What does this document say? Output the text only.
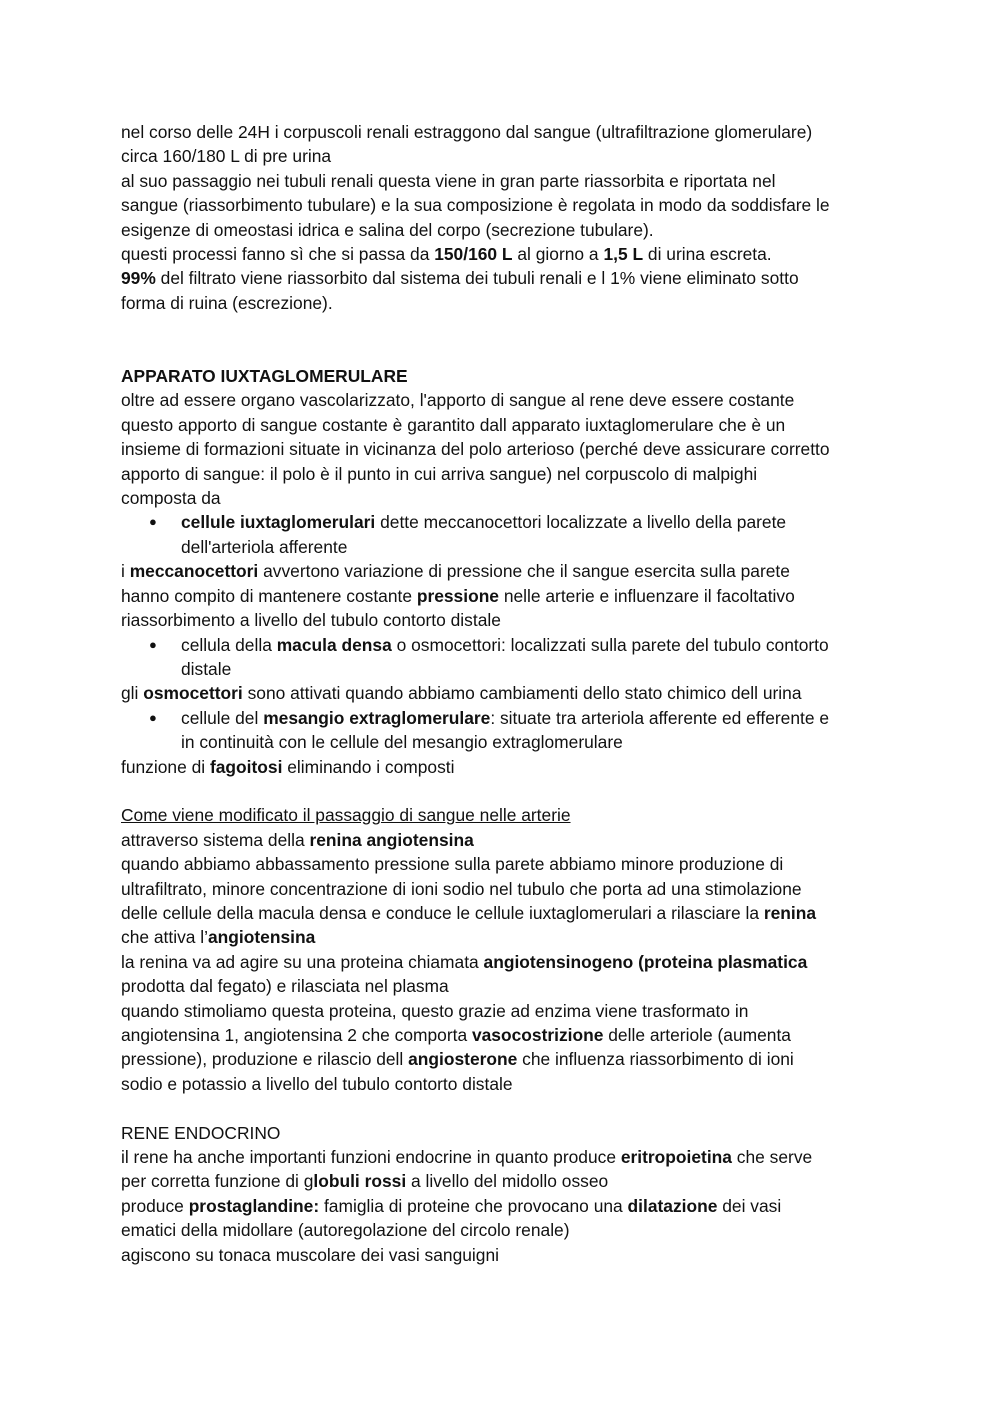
nel corso delle 24H i corpuscoli renali estraggono dal sangue (ultrafiltrazione glomerulare)
circa 160/180 L di pre urina
al suo passaggio nei tubuli renali questa viene in gran parte riassorbita e riportata nel
sangue (riassorbimento tubulare) e la sua composizione è regolata in modo da soddisfare le
esigenze di omeostasi idrica e salina del corpo (secrezione tubulare).
questi processi fanno sì che si passa da 150/160 L al giorno a 1,5 L di urina escreta.
99% del filtrato viene riassorbito dal sistema dei tubuli renali e l 1% viene eliminato sotto
forma di ruina (escrezione).
APPARATO IUXTAGLOMERULARE
oltre ad essere organo vascolarizzato, l'apporto di sangue al rene deve essere costante
questo apporto di sangue costante è garantito dall apparato iuxtaglomerulare che è un
insieme di formazioni situate in vicinanza del polo arterioso (perché deve assicurare corretto
apporto di sangue: il polo è il punto in cui arriva sangue) nel corpuscolo di malpighi
composta da
● cellule iuxtaglomerulari dette meccanocettori localizzate a livello della parete
dell'arteriola afferente
i meccanocettori avvertono variazione di pressione che il sangue esercita sulla parete
hanno compito di mantenere costante pressione nelle arterie e influenzare il facoltativo
riassorbimento a livello del tubulo contorto distale
● cellula della macula densa o osmocettori: localizzati sulla parete del tubulo contorto
distale
gli osmocettori sono attivati quando abbiamo cambiamenti dello stato chimico dell urina
● cellule del mesangio extraglomerulare: situate tra arteriola afferente ed efferente e
in continuità con le cellule del mesangio extraglomerulare
funzione di fagoitosi eliminando i composti
Come viene modificato il passaggio di sangue nelle arterie
attraverso sistema della renina angiotensina
quando abbiamo abbassamento pressione sulla parete abbiamo minore produzione di
ultrafiltrato, minore concentrazione di ioni sodio nel tubulo che porta ad una stimolazione
delle cellule della macula densa e conduce le cellule iuxtaglomerulari a rilasciare la renina
che attiva l’angiotensina
la renina va ad agire su una proteina chiamata angiotensinogeno (proteina plasmatica
prodotta dal fegato) e rilasciata nel plasma
quando stimoliamo questa proteina, questo grazie ad enzima viene trasformato in
angiotensina 1, angiotensina 2 che comporta vasocostrizione delle arteriole (aumenta
pressione), produzione e rilascio dell angiosterone che influenza riassorbimento di ioni
sodio e potassio a livello del tubulo contorto distale
RENE ENDOCRINO
il rene ha anche importanti funzioni endocrine in quanto produce eritropoietina che serve
per corretta funzione di globuli rossi a livello del midollo osseo
produce prostaglandine: famiglia di proteine che provocano una dilatazione dei vasi
ematici della midollare (autoregolazione del circolo renale)
agiscono su tonaca muscolare dei vasi sanguigni
